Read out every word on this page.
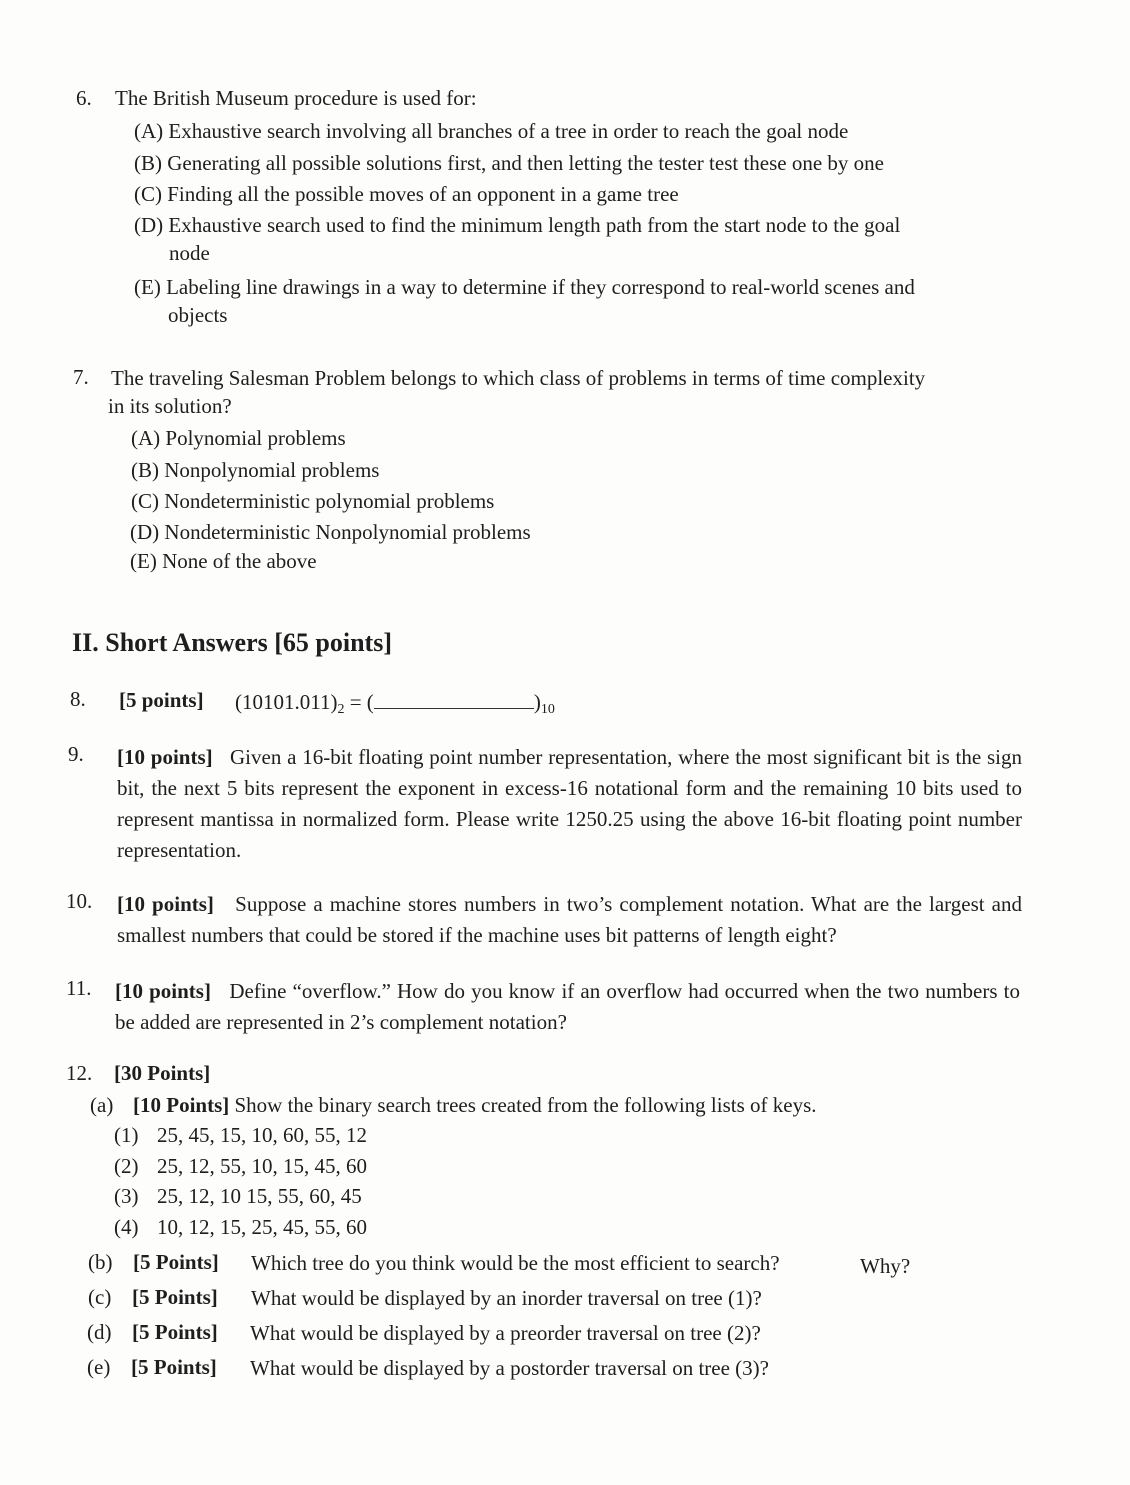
6. The British Museum procedure is used for:
(A) Exhaustive search involving all branches of a tree in order to reach the goal node
(B) Generating all possible solutions first, and then letting the tester test these one by one
(C) Finding all the possible moves of an opponent in a game tree
(D) Exhaustive search used to find the minimum length path from the start node to the goal
node
(E) Labeling line drawings in a way to determine if they correspond to real-world scenes and
objects
7. The traveling Salesman Problem belongs to which class of problems in terms of time complexity
in its solution?
(A) Polynomial problems
(B) Nonpolynomial problems
(C) Nondeterministic polynomial problems
(D) Nondeterministic Nonpolynomial problems
(E) None of the above
II. Short Answers [65 points]
8. [5 points] $(10101.011)_2$ = (	)$_{10}$
9. [10 points] Given a 16-bit floating point number representation, where the most significant bit is the sign bit, the next 5 bits represent the exponent in excess-16 notational form and the remaining 10 bits used to represent mantissa in normalized form. Please write 1250.25 using the above 16-bit floating point number representation.
10. [10 points] Suppose a machine stores numbers in two’s complement notation. What are the largest and smallest numbers that could be stored if the machine uses bit patterns of length eight?
11. [10 points] Define “overflow.” How do you know if an overflow had occurred when the two numbers to be added are represented in 2’s complement notation?
12. [30 Points]
(a) [10 Points] Show the binary search trees created from the following lists of keys.
(1) 25, 45, 15, 10, 60, 55, 12
(2) 25, 12, 55, 10, 15, 45, 60
(3) 25, 12, 10 15, 55, 60, 45
(4) 10, 12, 15, 25, 45, 55, 60
(b) [5 Points] Which tree do you think would be the most efficient to search?	Why?
(c) [5 Points] What would be displayed by an inorder traversal on tree (1)?
(d) [5 Points] What would be displayed by a preorder traversal on tree (2)?
(e) [5 Points] What would be displayed by a postorder traversal on tree (3)?
